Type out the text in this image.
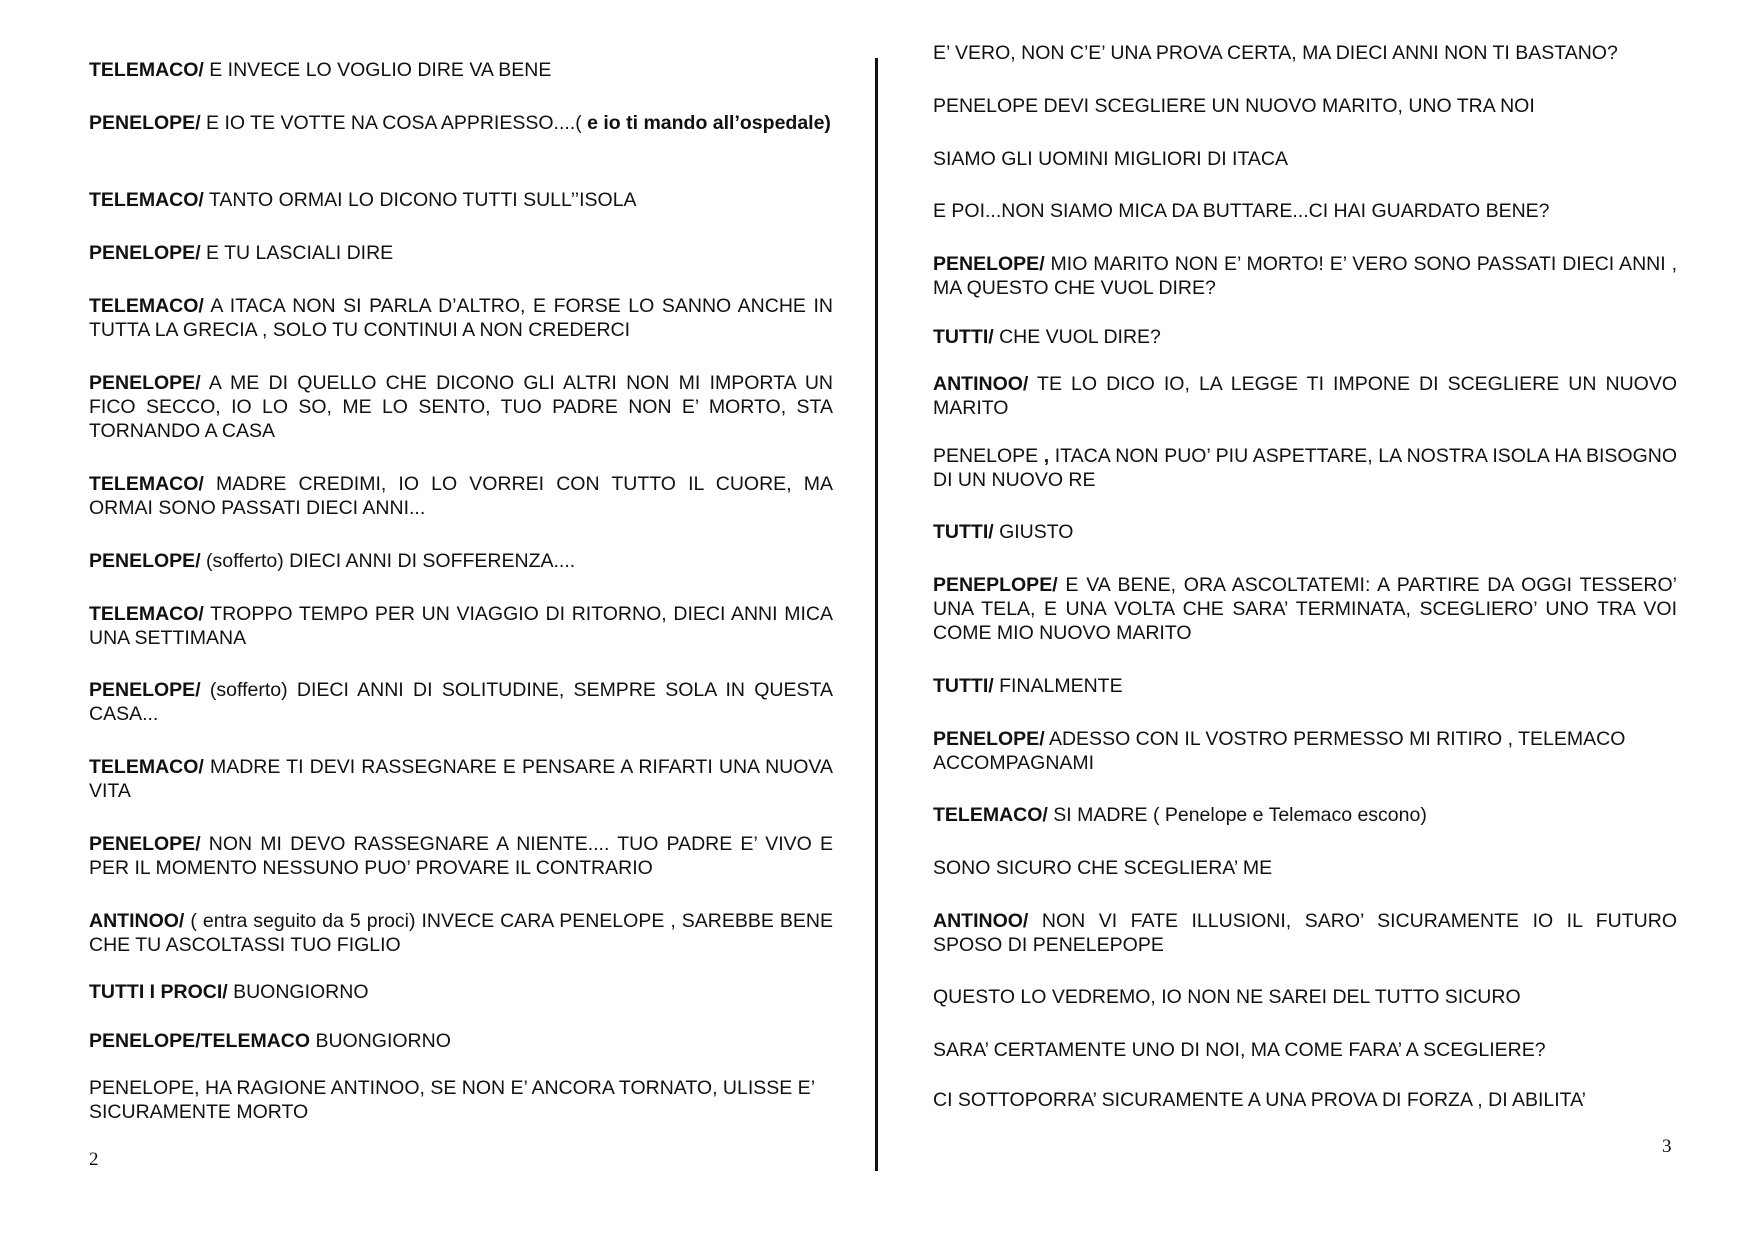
TELEMACO/ E INVECE LO VOGLIO DIRE VA BENE

PENELOPE/ E IO TE VOTTE NA COSA APPRIESSO....( e io ti mando all’ospedale)

TELEMACO/ TANTO ORMAI LO DICONO TUTTI SULL’’ISOLA

PENELOPE/ E TU LASCIALI DIRE

TELEMACO/ A ITACA NON SI PARLA D’ALTRO, E FORSE LO SANNO ANCHE IN TUTTA LA GRECIA , SOLO TU CONTINUI A NON CREDERCI

PENELOPE/ A ME DI QUELLO CHE DICONO GLI ALTRI NON MI IMPORTA UN FICO SECCO, IO LO SO, ME LO SENTO, TUO PADRE NON E’ MORTO, STA TORNANDO A CASA

TELEMACO/ MADRE CREDIMI, IO LO VORREI CON TUTTO IL CUORE, MA ORMAI SONO PASSATI DIECI ANNI...

PENELOPE/ (sofferto) DIECI ANNI DI SOFFERENZA....

TELEMACO/ TROPPO TEMPO PER UN VIAGGIO DI RITORNO, DIECI ANNI MICA UNA SETTIMANA

PENELOPE/ (sofferto) DIECI ANNI DI SOLITUDINE, SEMPRE SOLA IN QUESTA CASA...

TELEMACO/ MADRE TI DEVI RASSEGNARE E PENSARE A RIFARTI UNA NUOVA VITA

PENELOPE/ NON MI DEVO RASSEGNARE A NIENTE.... TUO PADRE E’ VIVO E PER IL MOMENTO NESSUNO PUO’ PROVARE IL CONTRARIO

ANTINOO/ ( entra seguito da 5 proci) INVECE CARA PENELOPE , SAREBBE BENE CHE TU ASCOLTASSI TUO FIGLIO

TUTTI I PROCI/ BUONGIORNO

PENELOPE/TELEMACO BUONGIORNO

PENELOPE, HA RAGIONE ANTINOO, SE NON E’ ANCORA TORNATO, ULISSE E’ SICURAMENTE MORTO

E’ VERO, NON C’E’ UNA PROVA CERTA, MA DIECI ANNI NON TI BASTANO?

PENELOPE DEVI SCEGLIERE UN NUOVO MARITO, UNO TRA NOI

SIAMO GLI UOMINI MIGLIORI DI ITACA

E POI...NON SIAMO MICA DA BUTTARE...CI HAI GUARDATO BENE?

PENELOPE/ MIO MARITO NON E’ MORTO! E’ VERO SONO PASSATI DIECI ANNI , MA QUESTO CHE VUOL DIRE?

TUTTI/ CHE VUOL DIRE?

ANTINOO/ TE LO DICO IO, LA LEGGE TI IMPONE DI SCEGLIERE UN NUOVO MARITO

PENELOPE , ITACA NON PUO’ PIU ASPETTARE, LA NOSTRA ISOLA HA BISOGNO DI UN NUOVO RE

TUTTI/ GIUSTO

PENEPLOPE/ E VA BENE, ORA ASCOLTATEMI: A PARTIRE DA OGGI TESSERO’ UNA TELA, E UNA VOLTA CHE SARA’ TERMINATA, SCEGLIERO’ UNO TRA VOI COME MIO NUOVO MARITO

TUTTI/ FINALMENTE

PENELOPE/ ADESSO CON IL VOSTRO PERMESSO MI RITIRO , TELEMACO ACCOMPAGNAMI

TELEMACO/ SI MADRE ( Penelope e Telemaco escono)

SONO SICURO CHE SCEGLIERA’ ME

ANTINOO/ NON VI FATE ILLUSIONI, SARO’ SICURAMENTE IO IL FUTURO SPOSO DI PENELEPOPE

QUESTO LO VEDREMO, IO NON NE SAREI DEL TUTTO SICURO

SARA’ CERTAMENTE UNO DI NOI, MA COME FARA’ A SCEGLIERE?

CI SOTTOPORRA’ SICURAMENTE A UNA PROVA DI FORZA , DI ABILITA’

2
3
